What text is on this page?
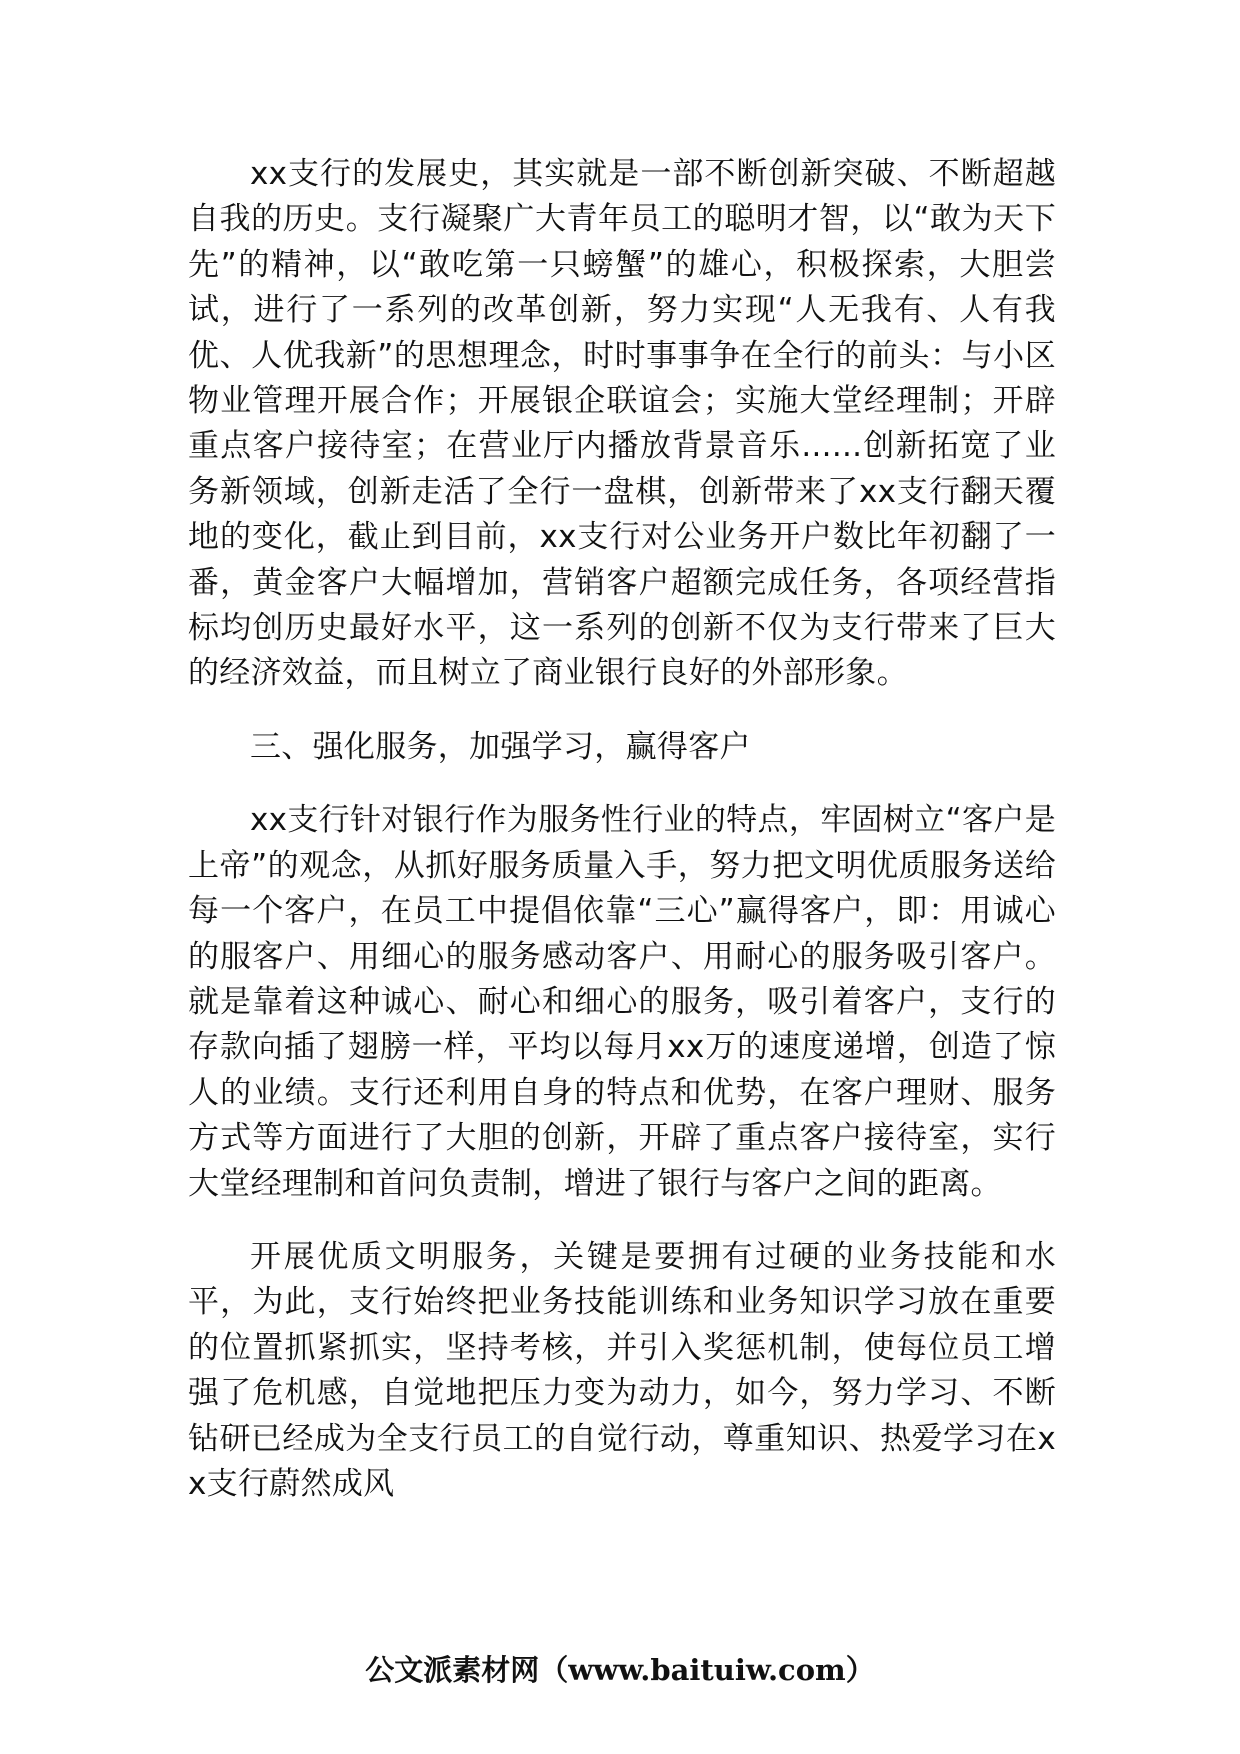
xx支行的发展史，其实就是一部不断创新突破、不断超越自我的历史。支行凝聚广大青年员工的聪明才智，以“敢为天下先”的精神，以“敢吃第一只螃蟹”的雄心，积极探索，大胆尝试，进行了一系列的改革创新，努力实现“人无我有、人有我优、人优我新”的思想理念，时时事事争在全行的前头：与小区物业管理开展合作；开展银企联谊会；实施大堂经理制；开辟重点客户接待室；在营业厅内播放背景音乐......创新拓宽了业务新领域，创新走活了全行一盘棋，创新带来了xx支行翻天覆地的变化，截止到目前，xx支行对公业务开户数比年初翻了一番，黄金客户大幅增加，营销客户超额完成任务，各项经营指标均创历史最好水平，这一系列的创新不仅为支行带来了巨大的经济效益，而且树立了商业银行良好的外部形象。

三、强化服务，加强学习，赢得客户

xx支行针对银行作为服务性行业的特点，牢固树立“客户是上帝”的观念，从抓好服务质量入手，努力把文明优质服务送给每一个客户，在员工中提倡依靠“三心”赢得客户，即：用诚心的服客户、用细心的服务感动客户、用耐心的服务吸引客户。就是靠着这种诚心、耐心和细心的服务，吸引着客户，支行的存款向插了翅膀一样，平均以每月xx万的速度递增，创造了惊人的业绩。支行还利用自身的特点和优势，在客户理财、服务方式等方面进行了大胆的创新，开辟了重点客户接待室，实行大堂经理制和首问负责制，增进了银行与客户之间的距离。

开展优质文明服务，关键是要拥有过硬的业务技能和水平，为此，支行始终把业务技能训练和业务知识学习放在重要的位置抓紧抓实，坚持考核，并引入奖惩机制，使每位员工增强了危机感，自觉地把压力变为动力，如今，努力学习、不断钻研已经成为全支行员工的自觉行动，尊重知识、热爱学习在xx支行蔚然成风

公文派素材网（www.baituiw.com）
